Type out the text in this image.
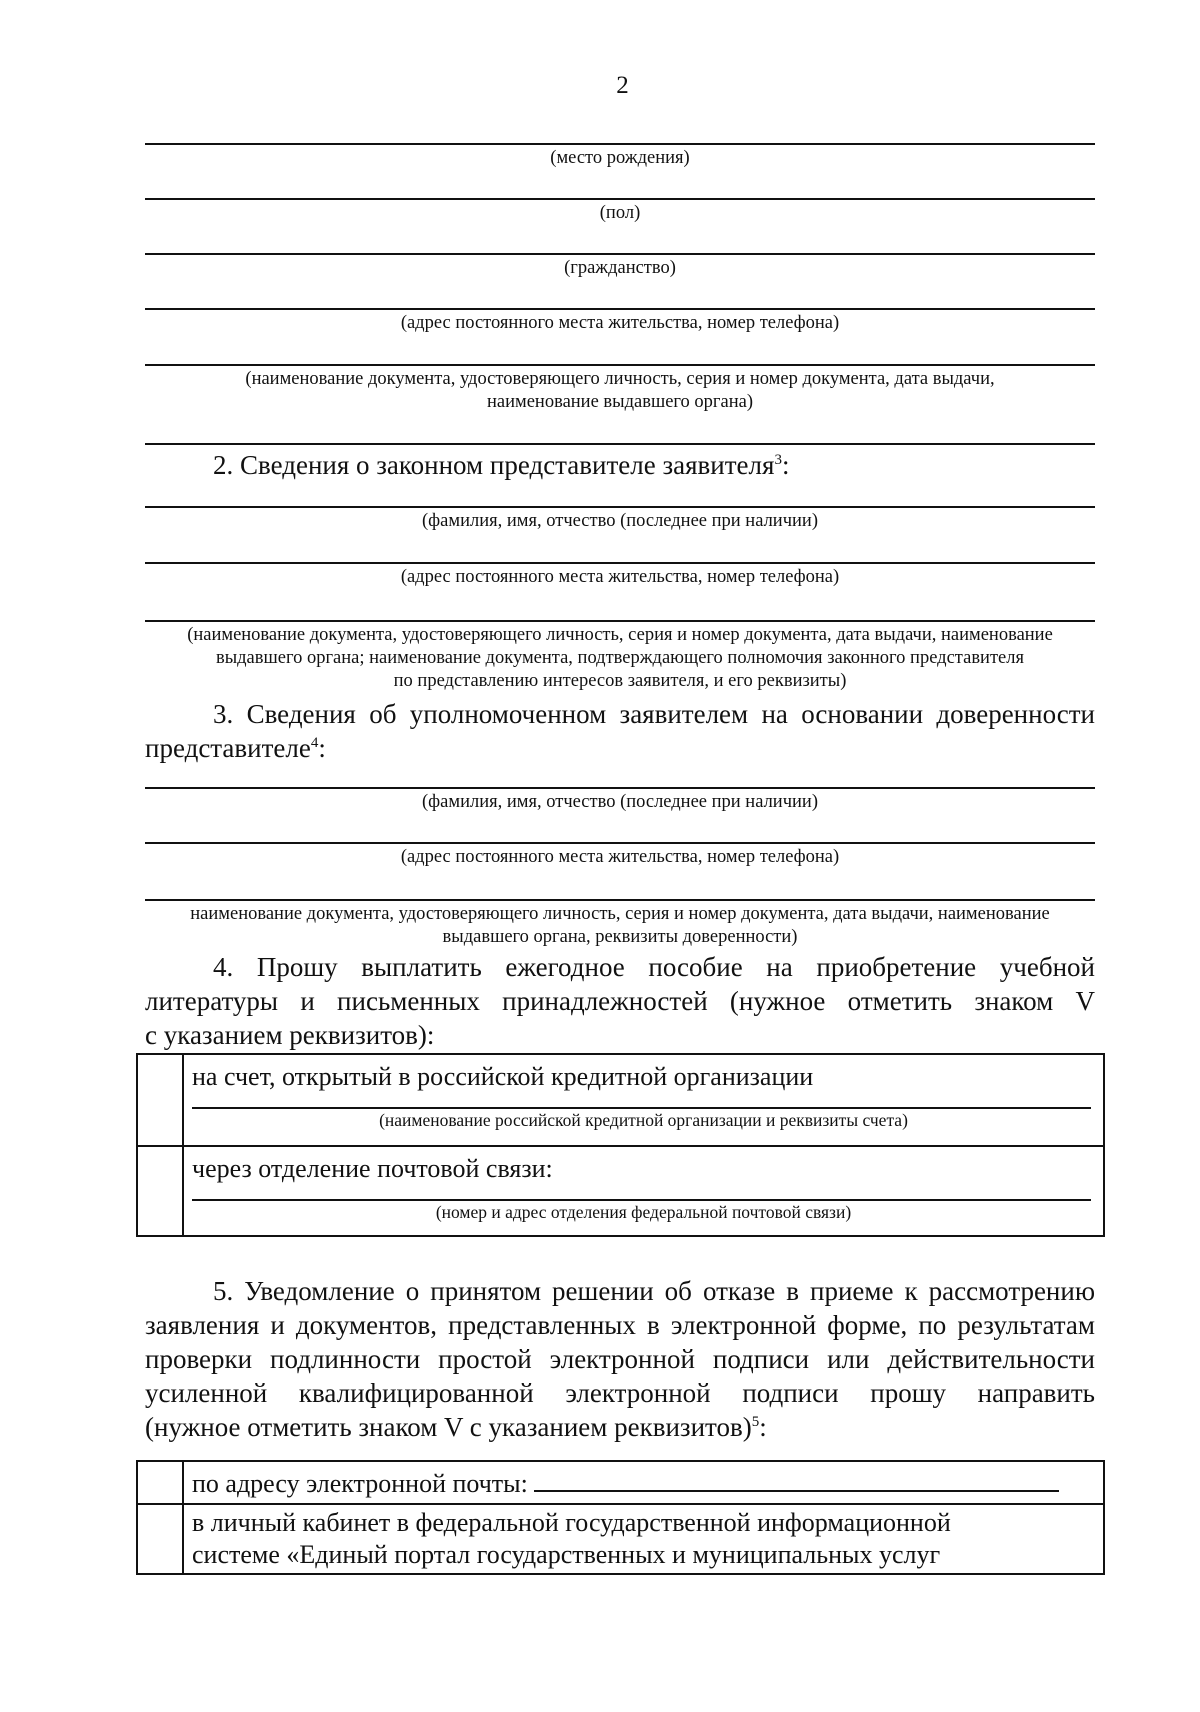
2
(место рождения)
(пол)
(гражданство)
(адрес постоянного места жительства, номер телефона)
(наименование документа, удостоверяющего личность, серия и номер документа, дата выдачи,
наименование выдавшего органа)
2. Сведения о законном представителе заявителя$^3$:
(фамилия, имя, отчество (последнее при наличии)
(адрес постоянного места жительства, номер телефона)
(наименование документа, удостоверяющего личность, серия и номер документа, дата выдачи, наименование
выдавшего органа; наименование документа, подтверждающего полномочия законного представителя
по представлению интересов заявителя, и его реквизиты)
3. Сведения об уполномоченном заявителем на основании доверенности
представителе$^4$:
(фамилия, имя, отчество (последнее при наличии)
(адрес постоянного места жительства, номер телефона)
наименование документа, удостоверяющего личность, серия и номер документа, дата выдачи, наименование
выдавшего органа, реквизиты доверенности)
4. Прошу выплатить ежегодное пособие на приобретение учебной
литературы и письменных принадлежностей (нужное отметить знаком V
с указанием реквизитов):

	на счет, открытый в российской кредитной организации
(наименование российской кредитной организации и реквизиты счета)

	через отделение почтовой связи:
(номер и адрес отделения федеральной почтовой связи)
5. Уведомление о принятом решении об отказе в приеме к рассмотрению
заявления и документов, представленных в электронной форме, по результатам
проверки подлинности простой электронной подписи или действительности
усиленной квалифицированной электронной подписи прошу направить
(нужное отметить знаком V с указанием реквизитов)$^5$:

	по адресу электронной почты:

	в личный кабинет в федеральной государственной информационной
системе «Единый портал государственных и муниципальных услуг
